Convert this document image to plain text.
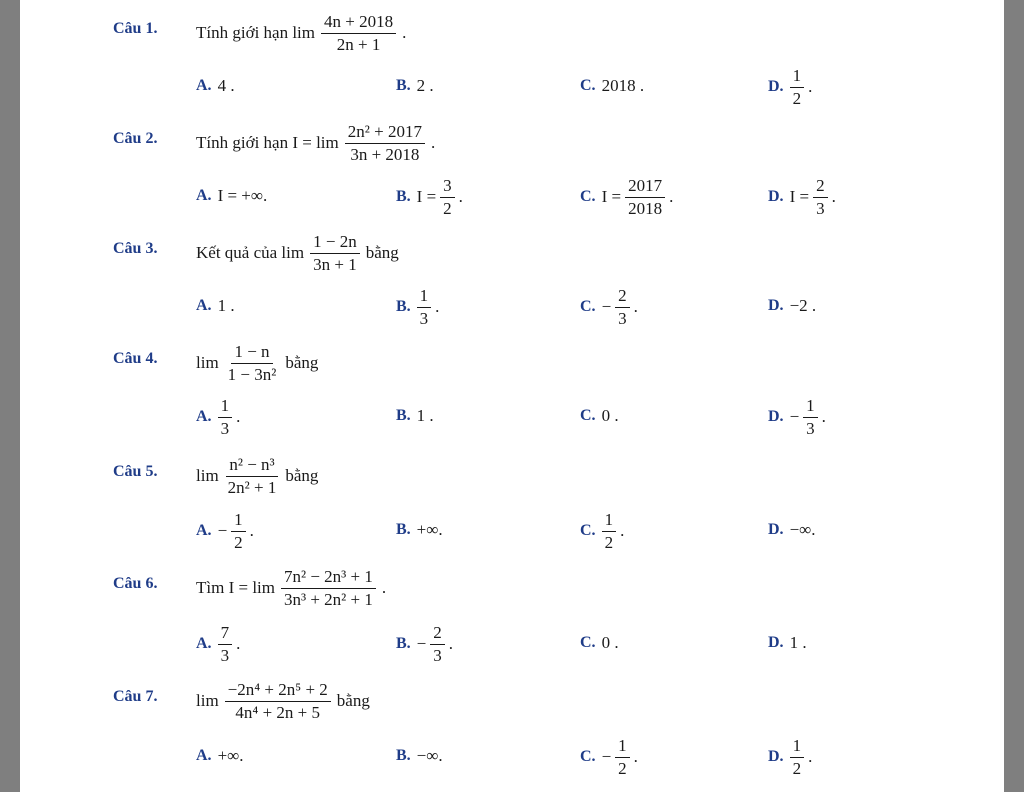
Câu 1. Tính giới hạn $\lim \frac{4n + 2018}{2n + 1}$ .
A. 4 .	B. 2 .	C. 2018 .	D. $\frac{1}{2}$ .
Câu 2. Tính giới hạn $I = \lim \frac{\text{2n² + 2017}}{3n + 2018}$ .
A. I = +∞.	B. $I = \frac{3}{2}$ .	C. $I = \frac{2017}{2018}$ .	D. $I = \frac{2}{3}$ .
Câu 3. Kết quả của $\lim \frac{1 - 2n}{3n + 1}$ bằng
A. 1 .	B. $\frac{1}{3}$ .	C. − $\frac{2}{3}$ .	D. −2 .
Câu 4. $\lim \frac{1 - n}{\text{1 − 3n²}}$ bằng
A. $\frac{1}{3}$ .	B. 1 .	C. 0 .	D. − $\frac{1}{3}$ .
Câu 5. $\lim \frac{\text{n² − n³}}{\text{2n² + 1}}$ bằng
A. − $\frac{1}{2}$ .	B. +∞.	C. $\frac{1}{2}$ .	D. −∞.
Câu 6. Tìm $I = \lim \frac{\text{7n² − 2n³ + 1}}{\text{3n³ + 2n² + 1}}$ .
A. $\frac{7}{3}$ .	B. − $\frac{2}{3}$ .	C. 0 .	D. 1 .
Câu 7. $\lim \frac{\text{−2n⁴ + 2n⁵ + 2}}{\text{4n⁴ + 2n + 5}}$ bằng
A. +∞.	B. −∞.	C. − $\frac{1}{2}$ .	D. $\frac{1}{2}$ .
